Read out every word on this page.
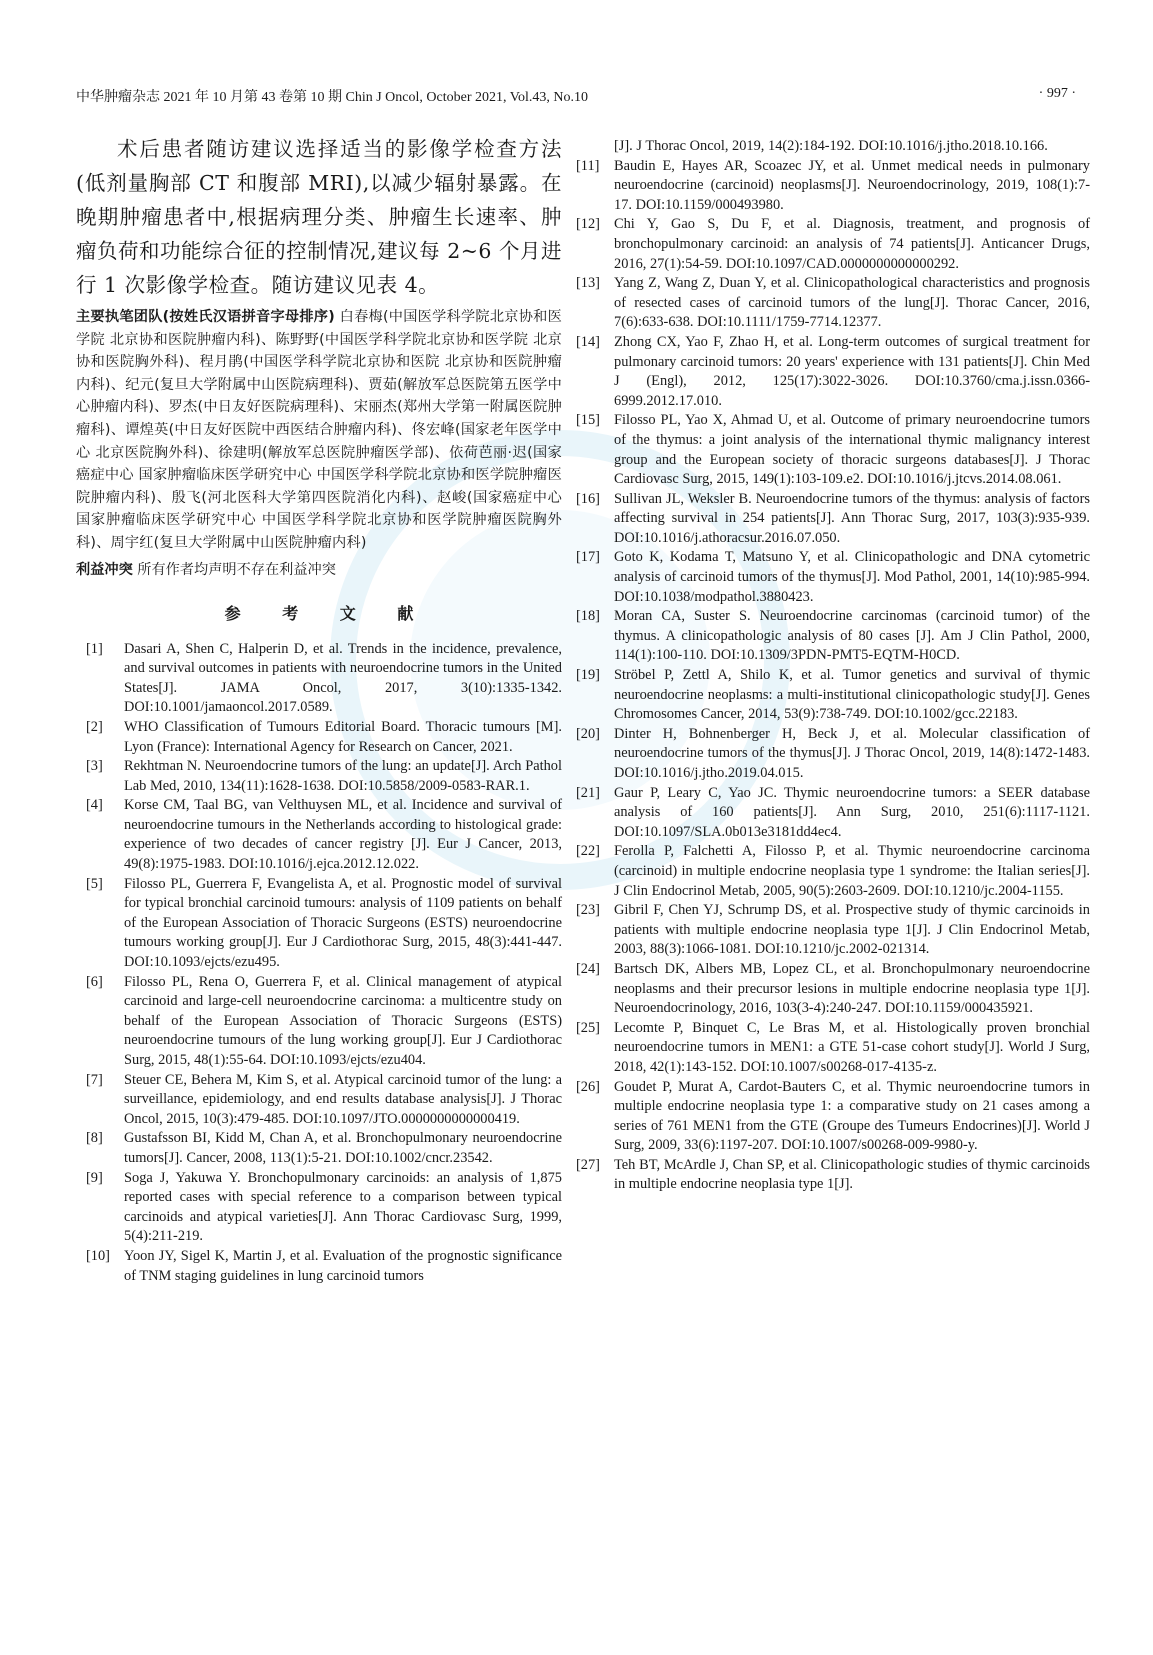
中华肿瘤杂志 2021 年 10 月第 43 卷第 10 期 Chin J Oncol, October 2021, Vol.43, No.10	· 997 ·

术后患者随访建议选择适当的影像学检查方法(低剂量胸部 CT 和腹部 MRI),以减少辐射暴露。在晚期肿瘤患者中,根据病理分类、肿瘤生长速率、肿瘤负荷和功能综合征的控制情况,建议每 2~6 个月进行 1 次影像学检查。随访建议见表 4。

主要执笔团队(按姓氏汉语拼音字母排序) 白春梅(中国医学科学院北京协和医学院 北京协和医院肿瘤内科)、陈野野(中国医学科学院北京协和医学院 北京协和医院胸外科)、程月鹃(中国医学科学院北京协和医院 北京协和医院肿瘤内科)、纪元(复旦大学附属中山医院病理科)、贾茹(解放军总医院第五医学中心肿瘤内科)、罗杰(中日友好医院病理科)、宋丽杰(郑州大学第一附属医院肿瘤科)、谭煌英(中日友好医院中西医结合肿瘤内科)、佟宏峰(国家老年医学中心 北京医院胸外科)、徐建明(解放军总医院肿瘤医学部)、依荷芭丽·迟(国家癌症中心 国家肿瘤临床医学研究中心 中国医学科学院北京协和医学院肿瘤医院肿瘤内科)、殷飞(河北医科大学第四医院消化内科)、赵峻(国家癌症中心 国家肿瘤临床医学研究中心 中国医学科学院北京协和医学院肿瘤医院胸外科)、周宇红(复旦大学附属中山医院肿瘤内科)

利益冲突 所有作者均声明不存在利益冲突

参 考 文 献
[1] Dasari A, Shen C, Halperin D, et al. Trends in the incidence, prevalence, and survival outcomes in patients with neuroendocrine tumors in the United States[J]. JAMA Oncol, 2017, 3(10):1335-1342. DOI:10.1001/jamaoncol.2017.0589.
[2] WHO Classification of Tumours Editorial Board. Thoracic tumours [M]. Lyon (France): International Agency for Research on Cancer, 2021.
[3] Rekhtman N. Neuroendocrine tumors of the lung: an update[J]. Arch Pathol Lab Med, 2010, 134(11):1628-1638. DOI:10.5858/2009-0583-RAR.1.
[4] Korse CM, Taal BG, van Velthuysen ML, et al. Incidence and survival of neuroendocrine tumours in the Netherlands according to histological grade: experience of two decades of cancer registry [J]. Eur J Cancer, 2013, 49(8):1975-1983. DOI:10.1016/j.ejca.2012.12.022.
[5] Filosso PL, Guerrera F, Evangelista A, et al. Prognostic model of survival for typical bronchial carcinoid tumours: analysis of 1109 patients on behalf of the European Association of Thoracic Surgeons (ESTS) neuroendocrine tumours working group[J]. Eur J Cardiothorac Surg, 2015, 48(3):441-447. DOI:10.1093/ejcts/ezu495.
[6] Filosso PL, Rena O, Guerrera F, et al. Clinical management of atypical carcinoid and large-cell neuroendocrine carcinoma: a multicentre study on behalf of the European Association of Thoracic Surgeons (ESTS) neuroendocrine tumours of the lung working group[J]. Eur J Cardiothorac Surg, 2015, 48(1):55-64. DOI:10.1093/ejcts/ezu404.
[7] Steuer CE, Behera M, Kim S, et al. Atypical carcinoid tumor of the lung: a surveillance, epidemiology, and end results database analysis[J]. J Thorac Oncol, 2015, 10(3):479-485. DOI:10.1097/JTO.0000000000000419.
[8] Gustafsson BI, Kidd M, Chan A, et al. Bronchopulmonary neuroendocrine tumors[J]. Cancer, 2008, 113(1):5-21. DOI:10.1002/cncr.23542.
[9] Soga J, Yakuwa Y. Bronchopulmonary carcinoids: an analysis of 1,875 reported cases with special reference to a comparison between typical carcinoids and atypical varieties[J]. Ann Thorac Cardiovasc Surg, 1999, 5(4):211-219.
[10] Yoon JY, Sigel K, Martin J, et al. Evaluation of the prognostic significance of TNM staging guidelines in lung carcinoid tumors

[J]. J Thorac Oncol, 2019, 14(2):184-192. DOI:10.1016/j.jtho.2018.10.166.

[11] Baudin E, Hayes AR, Scoazec JY, et al. Unmet medical needs in pulmonary neuroendocrine (carcinoid) neoplasms[J]. Neuroendocrinology, 2019, 108(1):7-17. DOI:10.1159/000493980.
[12] Chi Y, Gao S, Du F, et al. Diagnosis, treatment, and prognosis of bronchopulmonary carcinoid: an analysis of 74 patients[J]. Anticancer Drugs, 2016, 27(1):54-59. DOI:10.1097/CAD.0000000000000292.
[13] Yang Z, Wang Z, Duan Y, et al. Clinicopathological characteristics and prognosis of resected cases of carcinoid tumors of the lung[J]. Thorac Cancer, 2016, 7(6):633-638. DOI:10.1111/1759-7714.12377.
[14] Zhong CX, Yao F, Zhao H, et al. Long-term outcomes of surgical treatment for pulmonary carcinoid tumors: 20 years' experience with 131 patients[J]. Chin Med J (Engl), 2012, 125(17):3022-3026. DOI:10.3760/cma.j.issn.0366-6999.2012.17.010.
[15] Filosso PL, Yao X, Ahmad U, et al. Outcome of primary neuroendocrine tumors of the thymus: a joint analysis of the international thymic malignancy interest group and the European society of thoracic surgeons databases[J]. J Thorac Cardiovasc Surg, 2015, 149(1):103-109.e2. DOI:10.1016/j.jtcvs.2014.08.061.
[16] Sullivan JL, Weksler B. Neuroendocrine tumors of the thymus: analysis of factors affecting survival in 254 patients[J]. Ann Thorac Surg, 2017, 103(3):935-939. DOI:10.1016/j.athoracsur.2016.07.050.
[17] Goto K, Kodama T, Matsuno Y, et al. Clinicopathologic and DNA cytometric analysis of carcinoid tumors of the thymus[J]. Mod Pathol, 2001, 14(10):985-994. DOI:10.1038/modpathol.3880423.
[18] Moran CA, Suster S. Neuroendocrine carcinomas (carcinoid tumor) of the thymus. A clinicopathologic analysis of 80 cases [J]. Am J Clin Pathol, 2000, 114(1):100-110. DOI:10.1309/3PDN-PMT5-EQTM-H0CD.
[19] Ströbel P, Zettl A, Shilo K, et al. Tumor genetics and survival of thymic neuroendocrine neoplasms: a multi-institutional clinicopathologic study[J]. Genes Chromosomes Cancer, 2014, 53(9):738-749. DOI:10.1002/gcc.22183.
[20] Dinter H, Bohnenberger H, Beck J, et al. Molecular classification of neuroendocrine tumors of the thymus[J]. J Thorac Oncol, 2019, 14(8):1472-1483. DOI:10.1016/j.jtho.2019.04.015.
[21] Gaur P, Leary C, Yao JC. Thymic neuroendocrine tumors: a SEER database analysis of 160 patients[J]. Ann Surg, 2010, 251(6):1117-1121. DOI:10.1097/SLA.0b013e3181dd4ec4.
[22] Ferolla P, Falchetti A, Filosso P, et al. Thymic neuroendocrine carcinoma (carcinoid) in multiple endocrine neoplasia type 1 syndrome: the Italian series[J]. J Clin Endocrinol Metab, 2005, 90(5):2603-2609. DOI:10.1210/jc.2004-1155.
[23] Gibril F, Chen YJ, Schrump DS, et al. Prospective study of thymic carcinoids in patients with multiple endocrine neoplasia type 1[J]. J Clin Endocrinol Metab, 2003, 88(3):1066-1081. DOI:10.1210/jc.2002-021314.
[24] Bartsch DK, Albers MB, Lopez CL, et al. Bronchopulmonary neuroendocrine neoplasms and their precursor lesions in multiple endocrine neoplasia type 1[J]. Neuroendocrinology, 2016, 103(3-4):240-247. DOI:10.1159/000435921.
[25] Lecomte P, Binquet C, Le Bras M, et al. Histologically proven bronchial neuroendocrine tumors in MEN1: a GTE 51-case cohort study[J]. World J Surg, 2018, 42(1):143-152. DOI:10.1007/s00268-017-4135-z.
[26] Goudet P, Murat A, Cardot-Bauters C, et al. Thymic neuroendocrine tumors in multiple endocrine neoplasia type 1: a comparative study on 21 cases among a series of 761 MEN1 from the GTE (Groupe des Tumeurs Endocrines)[J]. World J Surg, 2009, 33(6):1197-207. DOI:10.1007/s00268-009-9980-y.
[27] Teh BT, McArdle J, Chan SP, et al. Clinicopathologic studies of thymic carcinoids in multiple endocrine neoplasia type 1[J].
